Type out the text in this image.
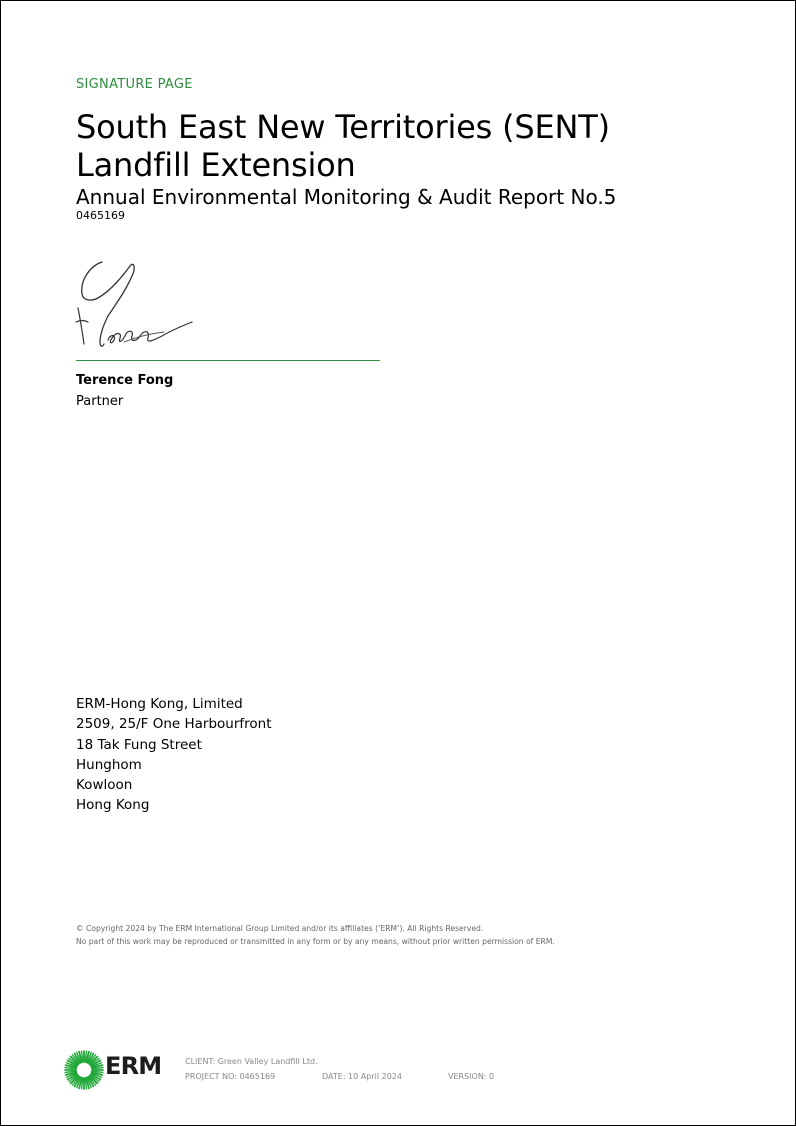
SIGNATURE PAGE
South East New Territories (SENT)
Landfill Extension
Annual Environmental Monitoring & Audit Report No.5
0465169
Terence Fong
Partner
ERM-Hong Kong, Limited
2509, 25/F One Harbourfront
18 Tak Fung Street
Hunghom
Kowloon
Hong Kong
© Copyright 2024 by The ERM International Group Limited and/or its affiliates (‘ERM’). All Rights Reserved.
No part of this work may be reproduced or transmitted in any form or by any means, without prior written permission of ERM.
ERM	CLIENT: Green Valley Landfill Ltd.
PROJECT NO: 0465169	DATE: 10 April 2024	VERSION: 0
